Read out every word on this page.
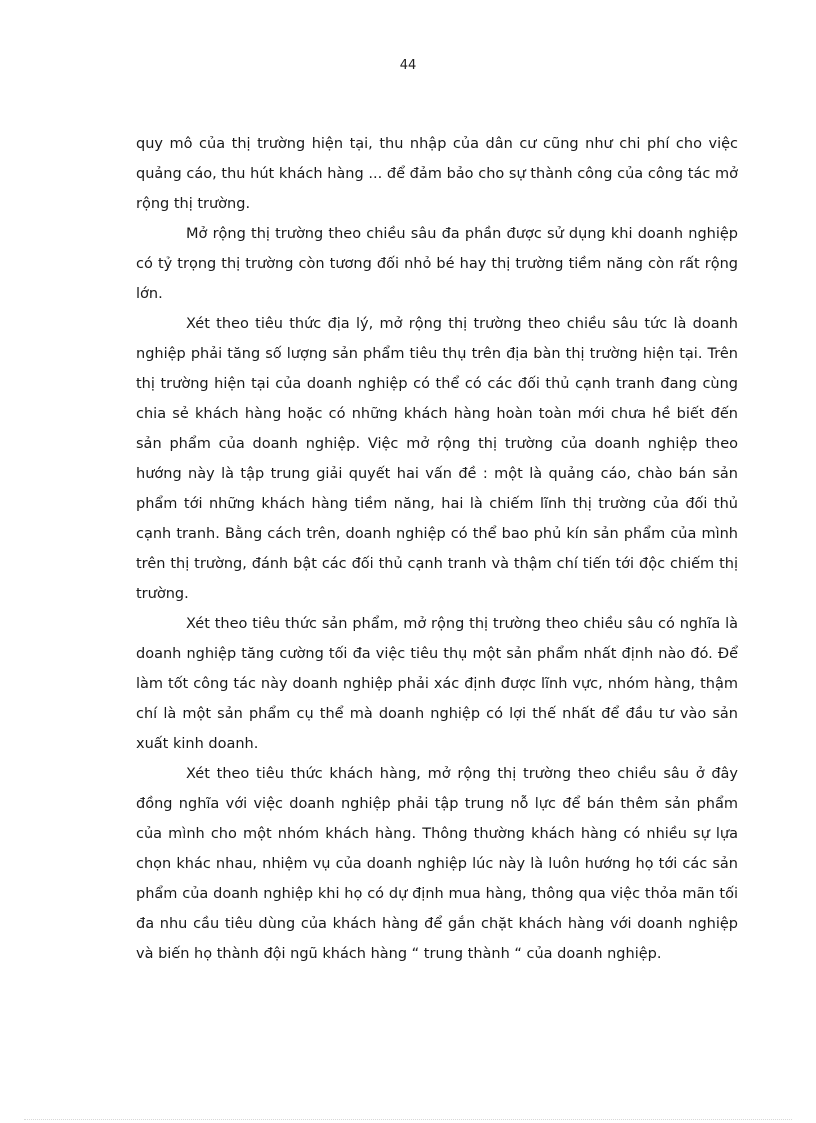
44

quy mô của thị trường hiện tại, thu nhập của dân cư cũng như chi phí cho việc quảng cáo, thu hút khách hàng ... để đảm bảo cho sự thành công của công tác mở rộng thị trường.

Mở rộng thị trường theo chiều sâu đa phần được sử dụng khi doanh nghiệp có tỷ trọng thị trường còn tương đối nhỏ bé hay thị trường tiềm năng còn rất rộng lớn.

Xét theo tiêu thức địa lý, mở rộng thị trường theo chiều sâu tức là doanh nghiệp phải tăng số lượng sản phẩm tiêu thụ trên địa bàn thị trường hiện tại. Trên thị trường hiện tại của doanh nghiệp có thể có các đối thủ cạnh tranh đang cùng chia sẻ khách hàng hoặc có những khách hàng hoàn toàn mới chưa hề biết đến sản phẩm của doanh nghiệp. Việc mở rộng thị trường của doanh nghiệp theo hướng này là tập trung giải quyết hai vấn đề : một là quảng cáo, chào bán sản phẩm tới những khách hàng tiềm năng, hai là chiếm lĩnh thị trường của đối thủ cạnh tranh. Bằng cách trên, doanh nghiệp có thể bao phủ kín sản phẩm của mình trên thị trường, đánh bật các đối thủ cạnh tranh và thậm chí tiến tới độc chiếm thị trường.

Xét theo tiêu thức sản phẩm, mở rộng thị trường theo chiều sâu có nghĩa là doanh nghiệp tăng cường tối đa việc tiêu thụ một sản phẩm nhất định nào đó. Để làm tốt công tác này doanh nghiệp phải xác định được lĩnh vực, nhóm hàng, thậm chí là một sản phẩm cụ thể mà doanh nghiệp có lợi thế nhất để đầu tư vào sản xuất kinh doanh.

Xét theo tiêu thức khách hàng, mở rộng thị trường theo chiều sâu ở đây đồng nghĩa với việc doanh nghiệp phải tập trung nỗ lực để bán thêm sản phẩm của mình cho một nhóm khách hàng. Thông thường khách hàng có nhiều sự lựa chọn khác nhau, nhiệm vụ của doanh nghiệp lúc này là luôn hướng họ tới các sản phẩm của doanh nghiệp khi họ có dự định mua hàng, thông qua việc thỏa mãn tối đa nhu cầu tiêu dùng của khách hàng để gắn chặt khách hàng với doanh nghiệp và biến họ thành đội ngũ khách hàng “ trung thành “ của doanh nghiệp.
